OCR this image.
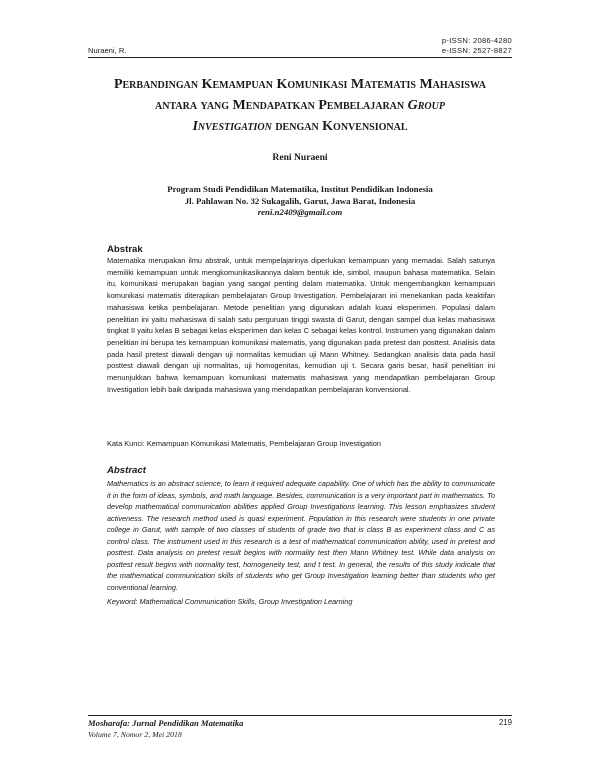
p-ISSN: 2086-4280
e-ISSN: 2527-8827
Nuraeni, R.
Perbandingan Kemampuan Komunikasi Matematis Mahasiswa
antara yang Mendapatkan Pembelajaran Group
Investigation dengan Konvensional
Reni Nuraeni
Program Studi Pendidikan Matematika, Institut Pendidikan Indonesia
Jl. Pahlawan No. 32 Sukagalih, Garut, Jawa Barat, Indonesia
reni.n2409@gmail.com
Abstrak

Matematika merupakan ilmu abstrak, untuk mempelajarinya diperlukan kemampuan yang memadai. Salah satunya memiliki kemampuan untuk mengkomunikasikannya dalam bentuk ide, simbol, maupun bahasa matematika. Selain itu, komunikasi merupakan bagian yang sangat penting dalam matematika. Untuk mengembangkan kemampuan komunikasi matematis diterapkan pembelajaran Group Investigation. Pembelajaran ini menekankan pada keaktifan mahasiswa ketika pembelajaran. Metode penelitian yang digunakan adalah kuasi eksperimen. Populasi dalam penelitian ini yaitu mahasiswa di salah satu perguruan tinggi swasta di Garut, dengan sampel dua kelas mahasiswa tingkat II yaitu kelas B sebagai kelas eksperimen dan kelas C sebagai kelas kontrol. Instrumen yang digunakan dalam penelitian ini berupa tes kemampuan komunikasi matematis, yang digunakan pada pretest dan posttest. Analisis data pada hasil pretest diawali dengan uji normalitas kemudian uji Mann Whitney. Sedangkan analisis data pada hasil posttest diawali dengan uji normalitas, uji homogenitas, kemudian uji t. Secara garis besar, hasil penelitian ini menunjukkan bahwa kemampuan komunikasi matematis mahasiswa yang mendapatkan pembelajaran Group Investigation lebih baik daripada mahasiswa yang mendapatkan pembelajaran konvensional.

Kata Kunci: Kemampuan Komunikasi Matematis, Pembelajaran Group Investigation
Abstract

Mathematics is an abstract science, to learn it required adequate capability. One of which has the ability to communicate it in the form of ideas, symbols, and math language. Besides, communication is a very important part in mathematics. To develop mathematical communication abilities applied Group Investigations learning. This lesson emphasizes student activeness. The research method used is quasi experiment. Population in this research were students in one private college in Garut, with sample of two classes of students of grade two that is class B as experiment class and C as control class. The instrument used in this research is a test of mathematical communication ability, used in pretest and posttest. Data analysis on pretest result begins with normality test then Mann Whitney test. While data analysis on posttest result begins with normality test, homogeneity test, and t test. In general, the results of this study indicate that the mathematical communication skills of students who get Group Investigation learning better than students who get conventional learning.

Keyword: Mathematical Communication Skills, Group Investigation Learning
Mosharafa: Jurnal Pendidikan Matematika
Volume 7, Nomor 2, Mei 2018
219
